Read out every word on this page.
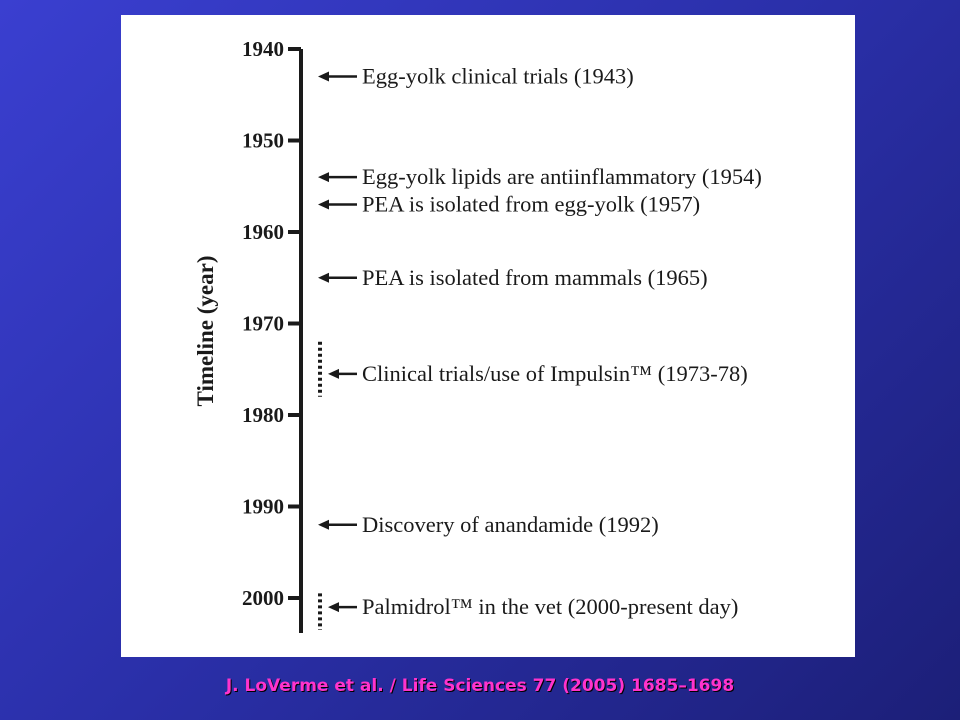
Timeline (year)
1940
1950
1960
1970
1980
1990
2000
Egg-yolk clinical trials (1943)
Egg-yolk lipids are antiinflammatory (1954)
PEA is isolated from egg-yolk (1957)
PEA is isolated from mammals (1965)
Clinical trials/use of Impulsin™ (1973-78)
Discovery of anandamide (1992)
Palmidrol™ in the vet (2000-present day)
J. LoVerme et al. / Life Sciences 77 (2005) 1685–1698
